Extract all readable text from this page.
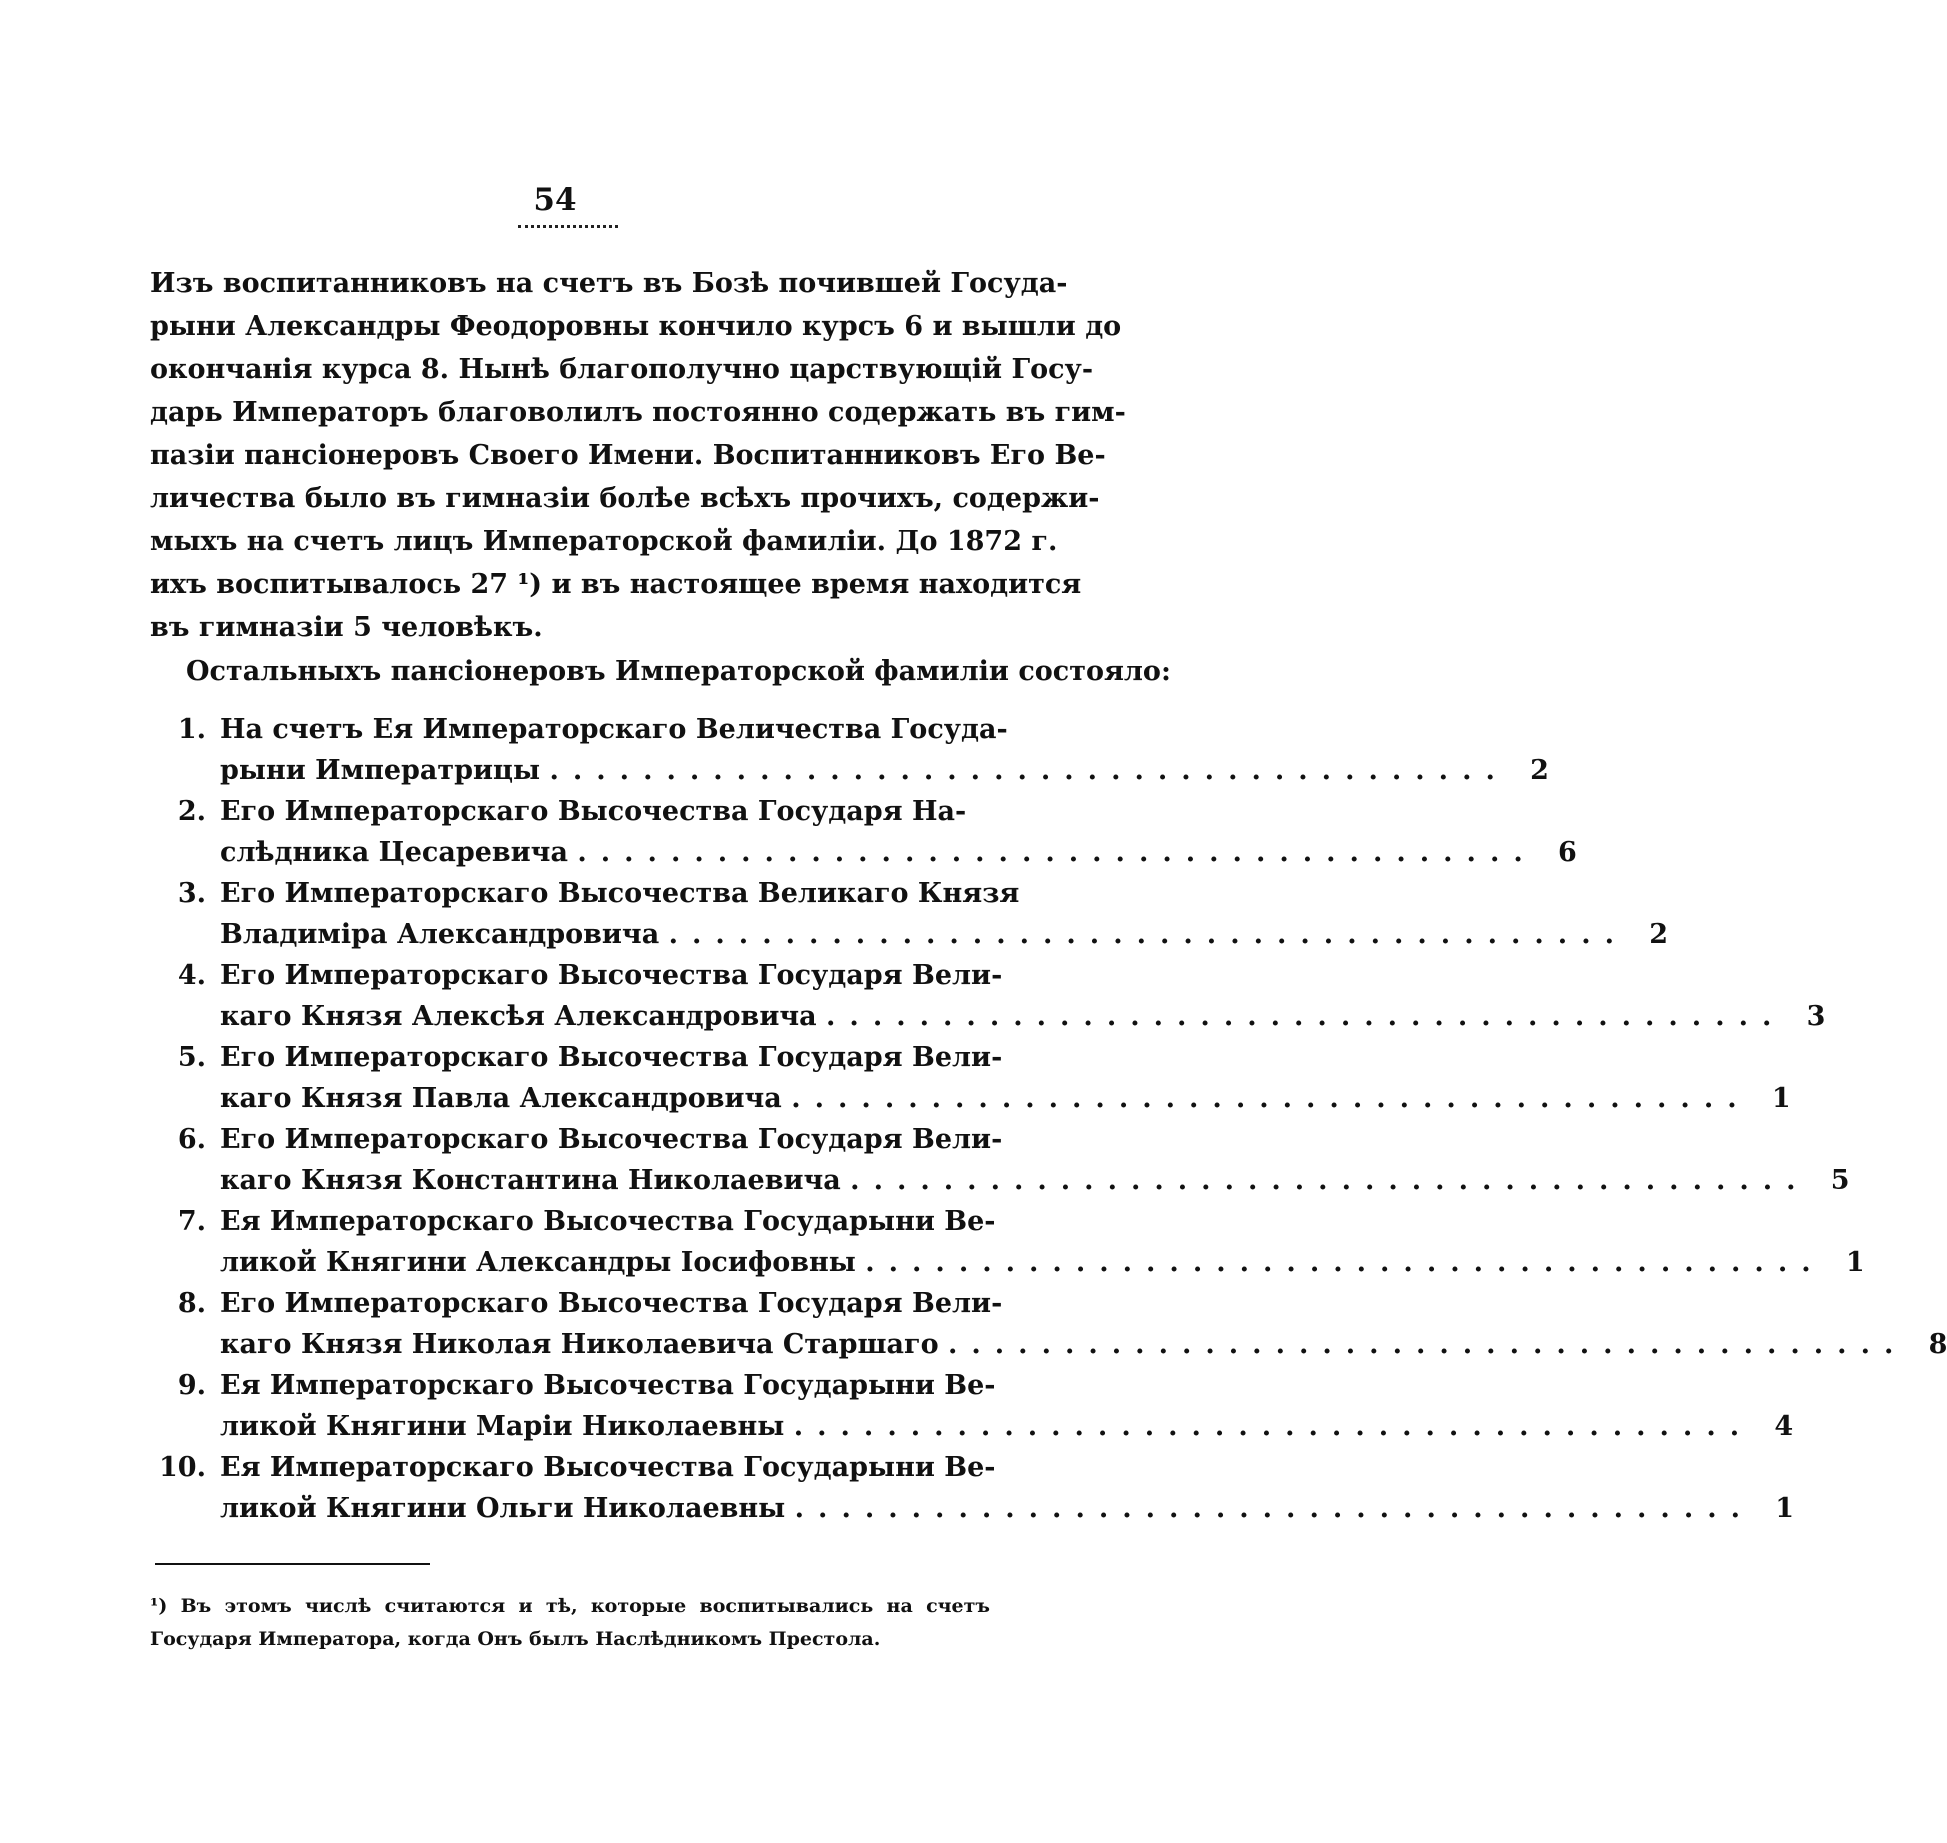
54
Изъ воспитанниковъ на счетъ въ Бозѣ почившей Госуда-
рыни Александры Феодоровны кончило курсъ 6 и вышли до
окончанія курса 8. Нынѣ благополучно царствующій Госу-
дарь Императоръ благоволилъ постоянно содержать въ гим-
пазіи пансіонеровъ Своего Имени. Воспитанниковъ Его Ве-
личества было въ гимназіи болѣе всѣхъ прочихъ, содержи-
мыхъ на счетъ лицъ Императорской фамиліи. До 1872 г.
ихъ воспитывалось 27 ¹) и въ настоящее время находится
въ гимназіи 5 человѣкъ.
Остальныхъ пансіонеровъ Императорской фамиліи состояло:
1. На счетъ Ея Императорскаго Величества Госуда-
рыни Императрицы ......................................... 2
2. Его Императорскаго Высочества Государя На-
слѣдника Цесаревича ......................................... 6
3. Его Императорскаго Высочества Великаго Князя
Владиміра Александровича ......................................... 2
4. Его Императорскаго Высочества Государя Вели-
каго Князя Алексѣя Александровича ......................................... 3
5. Его Императорскаго Высочества Государя Вели-
каго Князя Павла Александровича ......................................... 1
6. Его Императорскаго Высочества Государя Вели-
каго Князя Константина Николаевича ......................................... 5
7. Ея Императорскаго Высочества Государыни Ве-
ликой Княгини Александры Іосифовны ......................................... 1
8. Его Императорскаго Высочества Государя Вели-
каго Князя Николая Николаевича Старшаго ......................................... 8
9. Ея Императорскаго Высочества Государыни Ве-
ликой Княгини Маріи Николаевны ......................................... 4
10. Ея Императорскаго Высочества Государыни Ве-
ликой Княгини Ольги Николаевны ......................................... 1
¹) Въ этомъ числѣ считаются и тѣ, которые воспитывались на счетъ
Государя Императора, когда Онъ былъ Наслѣдникомъ Престола.
